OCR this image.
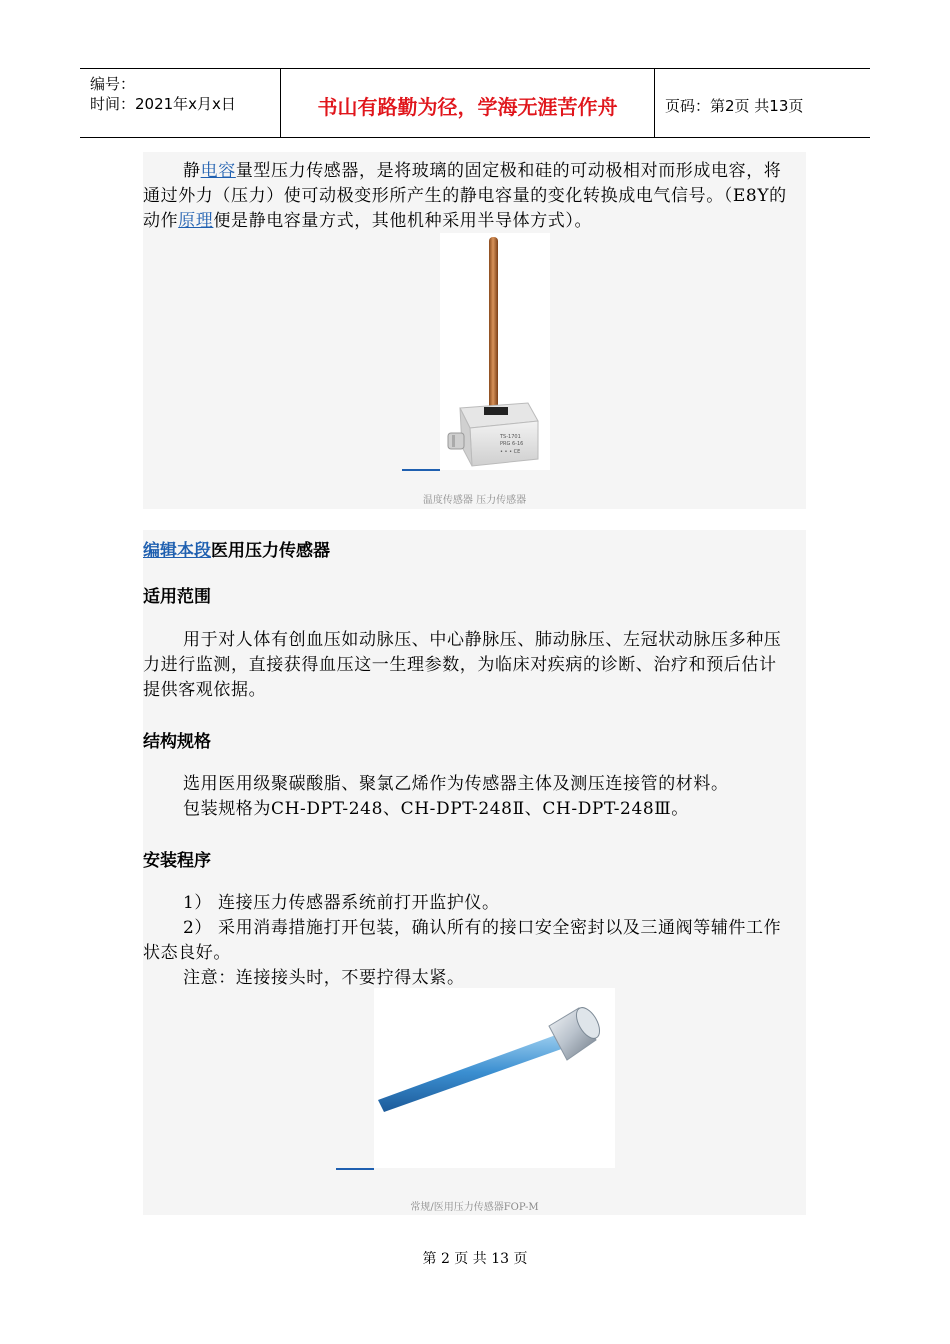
编号：
时间：2021年x月x日	书山有路勤为径，学海无涯苦作舟	页码：第2页 共13页
静电容量型压力传感器，是将玻璃的固定极和硅的可动极相对而形成电容，将通过外力（压力）使可动极变形所产生的静电容量的变化转换成电气信号。（E8Y的动作原理便是静电容量方式，其他机种采用半导体方式）。
TS-1701
PRG 6-16
• • • CE
温度传感器 压力传感器
编辑本段医用压力传感器
适用范围
用于对人体有创血压如动脉压、中心静脉压、肺动脉压、左冠状动脉压多种压力进行监测，直接获得血压这一生理参数，为临床对疾病的诊断、治疗和预后估计提供客观依据。
结构规格
选用医用级聚碳酸脂、聚氯乙烯作为传感器主体及测压连接管的材料。
包装规格为CH-DPT-248、CH-DPT-248Ⅱ、CH-DPT-248Ⅲ。
安装程序
1） 连接压力传感器系统前打开监护仪。
2） 采用消毒措施打开包装，确认所有的接口安全密封以及三通阀等辅件工作状态良好。
注意：连接接头时，不要拧得太紧。
常规/医用压力传感器FOP-M
第 2 页 共 13 页
